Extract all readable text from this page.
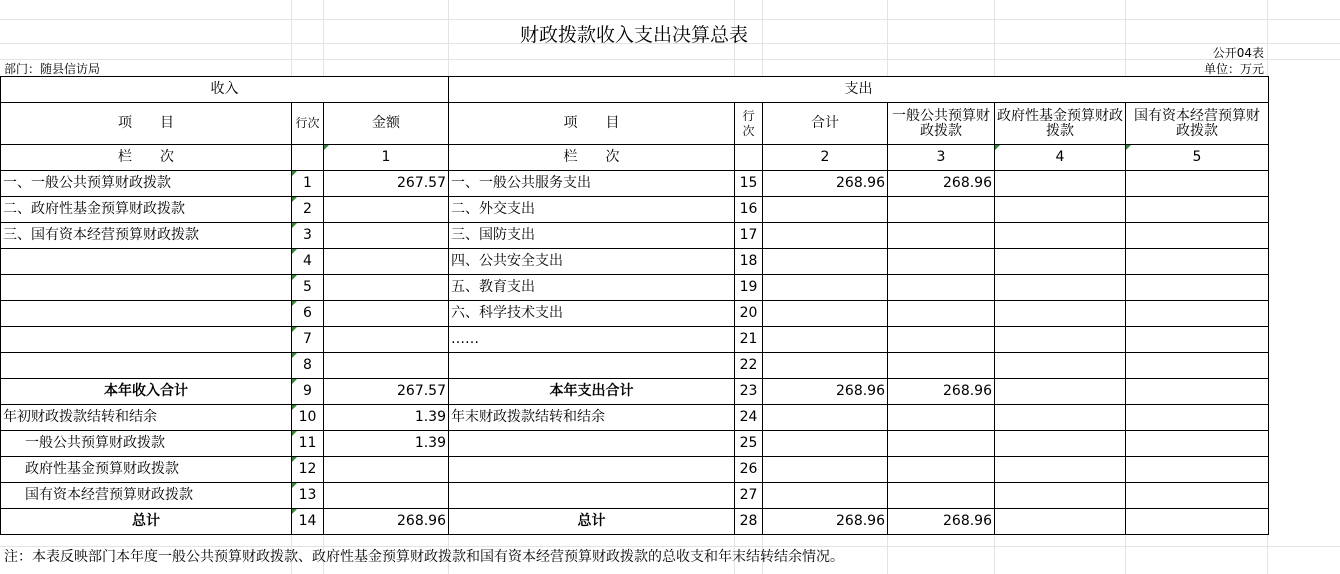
财政拨款收入支出决算总表
公开04表
部门：随县信访局	单位：万元
收入			支出					
项　　目	行次	金额	项　　目	行次	合计	一般公共预算财政拨款	政府性基金预算财政拨款	国有资本经营预算财政拨款
栏　　次		1	栏　　次		2	3	4	5
一、一般公共预算财政拨款	1	267.57	一、一般公共服务支出	15	268.96	268.96		
二、政府性基金预算财政拨款	2		二、外交支出	16				
三、国有资本经营预算财政拨款	3		三、国防支出	17				
	4		四、公共安全支出	18				
	5		五、教育支出	19				
	6		六、科学技术支出	20				
	7		……	21				
	8			22				
本年收入合计	9	267.57	本年支出合计	23	268.96	268.96		
年初财政拨款结转和结余	10	1.39	年末财政拨款结转和结余	24				
一般公共预算财政拨款	11	1.39		25				
政府性基金预算财政拨款	12			26				
国有资本经营预算财政拨款	13			27				
总计	14	268.96	总计	28	268.96	268.96		
注：本表反映部门本年度一般公共预算财政拨款、政府性基金预算财政拨款和国有资本经营预算财政拨款的总收支和年末结转结余情况。
